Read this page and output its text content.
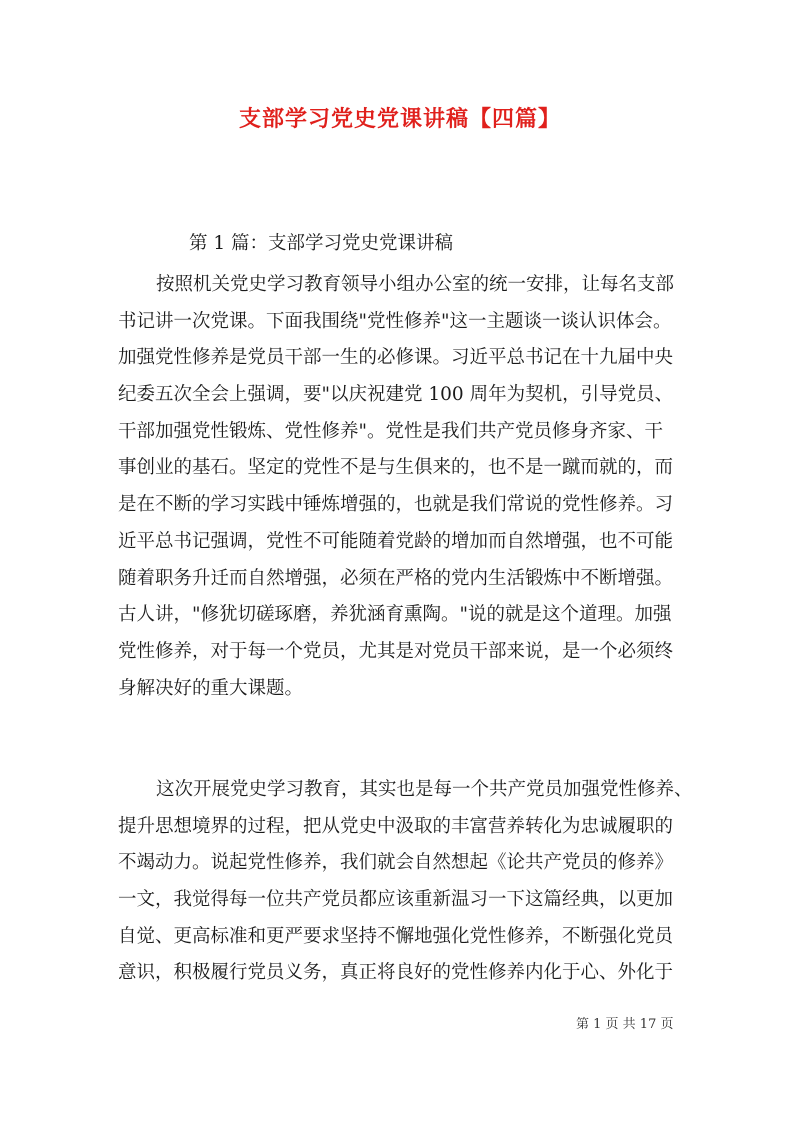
支部学习党史党课讲稿【四篇】

第 1 篇：支部学习党史党课讲稿

按照机关党史学习教育领导小组办公室的统一安排，让每名支部
书记讲一次党课。下面我围绕"党性修养"这一主题谈一谈认识体会。
加强党性修养是党员干部一生的必修课。习近平总书记在十九届中央
纪委五次全会上强调，要"以庆祝建党 100 周年为契机，引导党员、
干部加强党性锻炼、党性修养"。党性是我们共产党员修身齐家、干
事创业的基石。坚定的党性不是与生俱来的，也不是一蹴而就的，而
是在不断的学习实践中锤炼增强的，也就是我们常说的党性修养。习
近平总书记强调，党性不可能随着党龄的增加而自然增强，也不可能
随着职务升迁而自然增强，必须在严格的党内生活锻炼中不断增强。
古人讲，"修犹切磋琢磨，养犹涵育熏陶。"说的就是这个道理。加强
党性修养，对于每一个党员，尤其是对党员干部来说，是一个必须终
身解决好的重大课题。
这次开展党史学习教育，其实也是每一个共产党员加强党性修养、
提升思想境界的过程，把从党史中汲取的丰富营养转化为忠诚履职的
不竭动力。说起党性修养，我们就会自然想起《论共产党员的修养》
一文，我觉得每一位共产党员都应该重新温习一下这篇经典，以更加
自觉、更高标准和更严要求坚持不懈地强化党性修养，不断强化党员
意识，积极履行党员义务，真正将良好的党性修养内化于心、外化于

第 1 页 共 17 页
